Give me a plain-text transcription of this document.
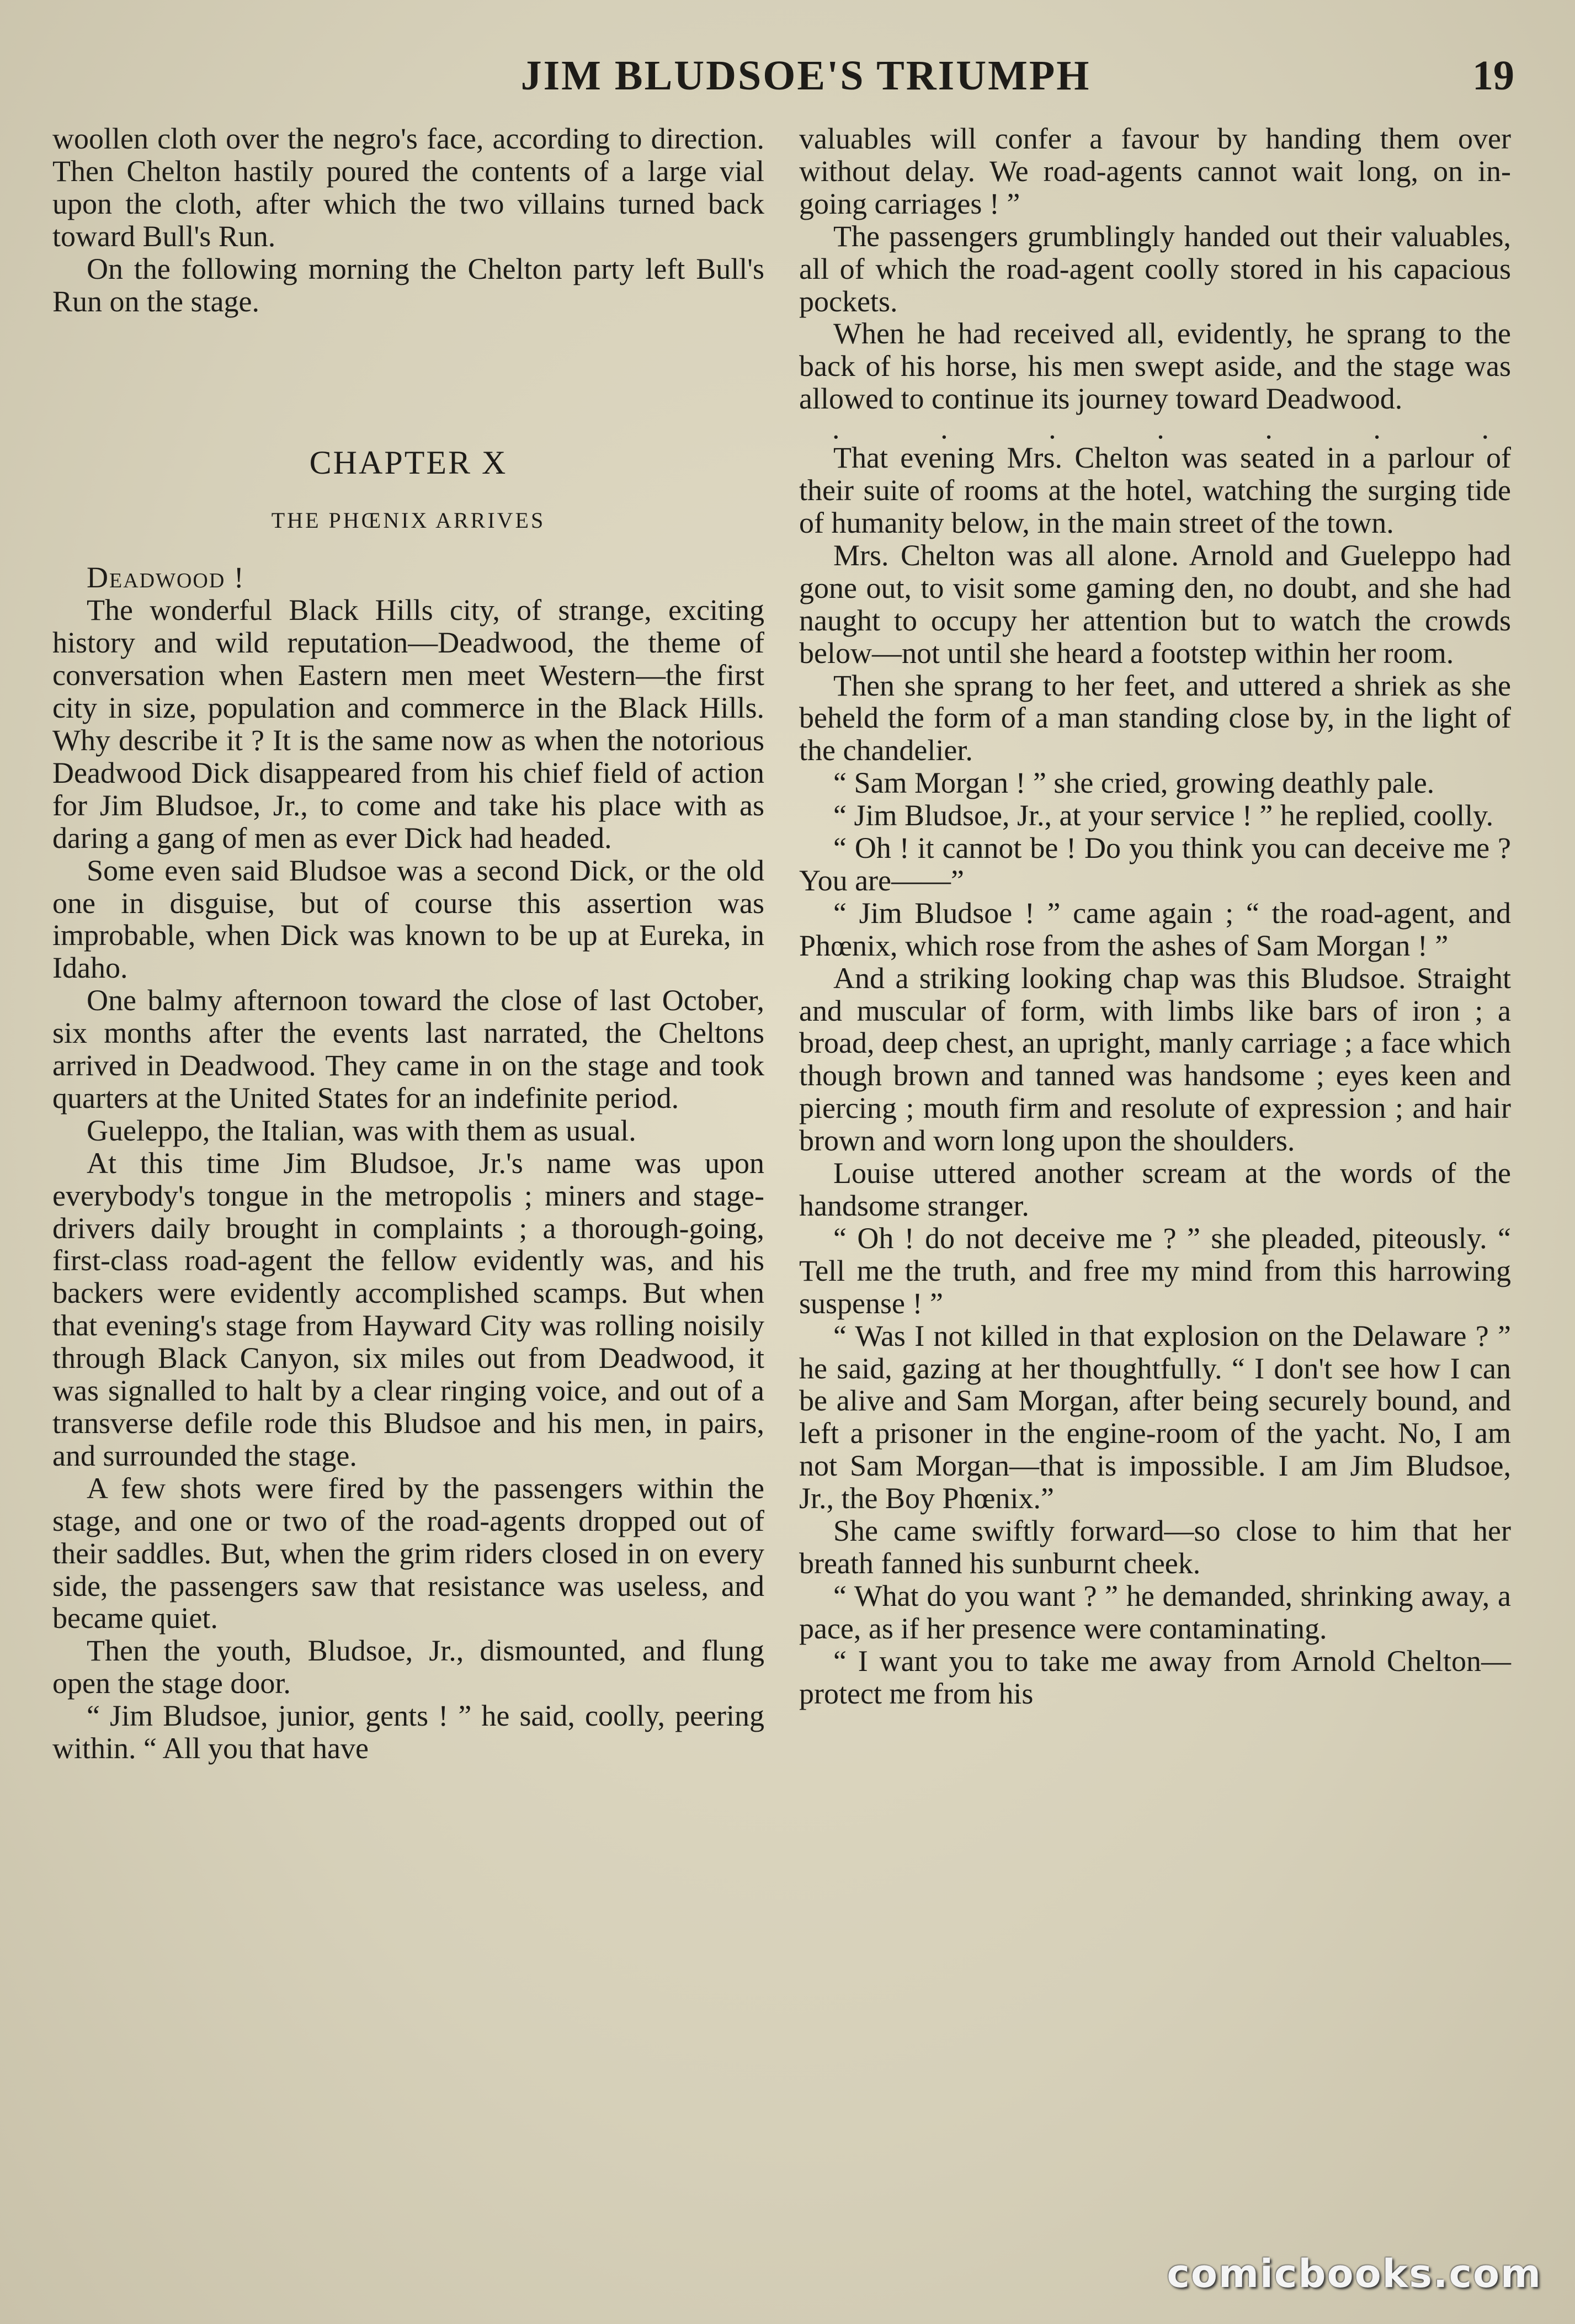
JIM BLUDSOE'S TRIUMPH	19

woollen cloth over the negro's face, according to direction. Then Chelton hastily poured the contents of a large vial upon the cloth, after which the two villains turned back toward Bull's Run.

On the following morning the Chelton party left Bull's Run on the stage.

CHAPTER X
THE PHŒNIX ARRIVES

Deadwood !

The wonderful Black Hills city, of strange, exciting history and wild reputation—Deadwood, the theme of conversation when Eastern men meet Western—the first city in size, population and commerce in the Black Hills. Why describe it ? It is the same now as when the notorious Deadwood Dick disappeared from his chief field of action for Jim Bludsoe, Jr., to come and take his place with as daring a gang of men as ever Dick had headed.

Some even said Bludsoe was a second Dick, or the old one in disguise, but of course this assertion was improbable, when Dick was known to be up at Eureka, in Idaho.

One balmy afternoon toward the close of last October, six months after the events last narrated, the Cheltons arrived in Deadwood. They came in on the stage and took quarters at the United States for an indefinite period.

Gueleppo, the Italian, was with them as usual.

At this time Jim Bludsoe, Jr.'s name was upon everybody's tongue in the metropolis ; miners and stage-drivers daily brought in complaints ; a thorough-going, first-class road-agent the fellow evidently was, and his backers were evidently accomplished scamps. But when that evening's stage from Hayward City was rolling noisily through Black Canyon, six miles out from Deadwood, it was signalled to halt by a clear ringing voice, and out of a transverse defile rode this Bludsoe and his men, in pairs, and surrounded the stage.

A few shots were fired by the passengers within the stage, and one or two of the road-agents dropped out of their saddles. But, when the grim riders closed in on every side, the passengers saw that resistance was useless, and became quiet.

Then the youth, Bludsoe, Jr., dismounted, and flung open the stage door.

“ Jim Bludsoe, junior, gents ! ” he said, coolly, peering within. “ All you that have

valuables will confer a favour by handing them over without delay. We road-agents cannot wait long, on in-going carriages ! ”

The passengers grumblingly handed out their valuables, all of which the road-agent coolly stored in his capacious pockets.

When he had received all, evidently, he sprang to the back of his horse, his men swept aside, and the stage was allowed to continue its journey toward Deadwood.

. . . . . . .

That evening Mrs. Chelton was seated in a parlour of their suite of rooms at the hotel, watching the surging tide of humanity below, in the main street of the town.

Mrs. Chelton was all alone. Arnold and Gueleppo had gone out, to visit some gaming den, no doubt, and she had naught to occupy her attention but to watch the crowds below—not until she heard a footstep within her room.

Then she sprang to her feet, and uttered a shriek as she beheld the form of a man standing close by, in the light of the chandelier.

“ Sam Morgan ! ” she cried, growing deathly pale.

“ Jim Bludsoe, Jr., at your service ! ” he replied, coolly.

“ Oh ! it cannot be ! Do you think you can deceive me ? You are——”

“ Jim Bludsoe ! ” came again ; “ the road-agent, and Phœnix, which rose from the ashes of Sam Morgan ! ”

And a striking looking chap was this Bludsoe. Straight and muscular of form, with limbs like bars of iron ; a broad, deep chest, an upright, manly carriage ; a face which though brown and tanned was handsome ; eyes keen and piercing ; mouth firm and resolute of expression ; and hair brown and worn long upon the shoulders.

Louise uttered another scream at the words of the handsome stranger.

“ Oh ! do not deceive me ? ” she pleaded, piteously. “ Tell me the truth, and free my mind from this harrowing suspense ! ”

“ Was I not killed in that explosion on the Delaware ? ” he said, gazing at her thoughtfully. “ I don't see how I can be alive and Sam Morgan, after being securely bound, and left a prisoner in the engine-room of the yacht. No, I am not Sam Morgan—that is impossible. I am Jim Bludsoe, Jr., the Boy Phœnix.”

She came swiftly forward—so close to him that her breath fanned his sunburnt cheek.

“ What do you want ? ” he demanded, shrinking away, a pace, as if her presence were contaminating.

“ I want you to take me away from Arnold Chelton—protect me from his

comicbooks.com
